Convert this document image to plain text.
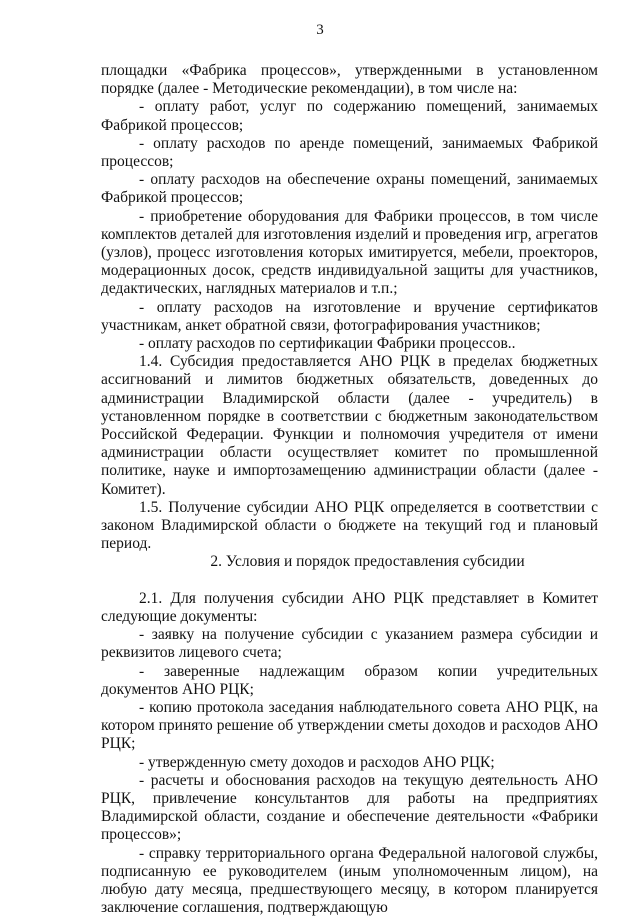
3

площадки «Фабрика процессов», утвержденными в установленном порядке (далее - Методические рекомендации), в том числе на:

- оплату работ, услуг по содержанию помещений, занимаемых Фабрикой процессов;

- оплату расходов по аренде помещений, занимаемых Фабрикой процессов;

- оплату расходов на обеспечение охраны помещений, занимаемых Фабрикой процессов;

- приобретение оборудования для Фабрики процессов, в том числе комплектов деталей для изготовления изделий и проведения игр, агрегатов (узлов), процесс изготовления которых имитируется, мебели, проекторов, модерационных досок, средств индивидуальной защиты для участников, дедактических, наглядных материалов и т.п.;

- оплату расходов на изготовление и вручение сертификатов участникам, анкет обратной связи, фотографирования участников;

- оплату расходов по сертификации Фабрики процессов..

1.4. Субсидия предоставляется АНО РЦК в пределах бюджетных ассигнований и лимитов бюджетных обязательств, доведенных до администрации Владимирской области (далее - учредитель) в установленном порядке в соответствии с бюджетным законодательством Российской Федерации. Функции и полномочия учредителя от имени администрации области осуществляет комитет по промышленной политике, науке и импортозамещению администрации области (далее - Комитет).

1.5. Получение субсидии АНО РЦК определяется в соответствии с законом Владимирской области о бюджете на текущий год и плановый период.

2. Условия и порядок предоставления субсидии

2.1. Для получения субсидии АНО РЦК представляет в Комитет следующие документы:

- заявку на получение субсидии с указанием размера субсидии и реквизитов лицевого счета;

- заверенные надлежащим образом копии учредительных документов АНО РЦК;

- копию протокола заседания наблюдательного совета АНО РЦК, на котором принято решение об утверждении сметы доходов и расходов АНО РЦК;

- утвержденную смету доходов и расходов АНО РЦК;

- расчеты и обоснования расходов на текущую деятельность АНО РЦК, привлечение консультантов для работы на предприятиях Владимирской области, создание и обеспечение деятельности «Фабрики процессов»;

- справку территориального органа Федеральной налоговой службы, подписанную ее руководителем (иным уполномоченным лицом), на любую дату месяца, предшествующего месяцу, в котором планируется заключение соглашения, подтверждающую
